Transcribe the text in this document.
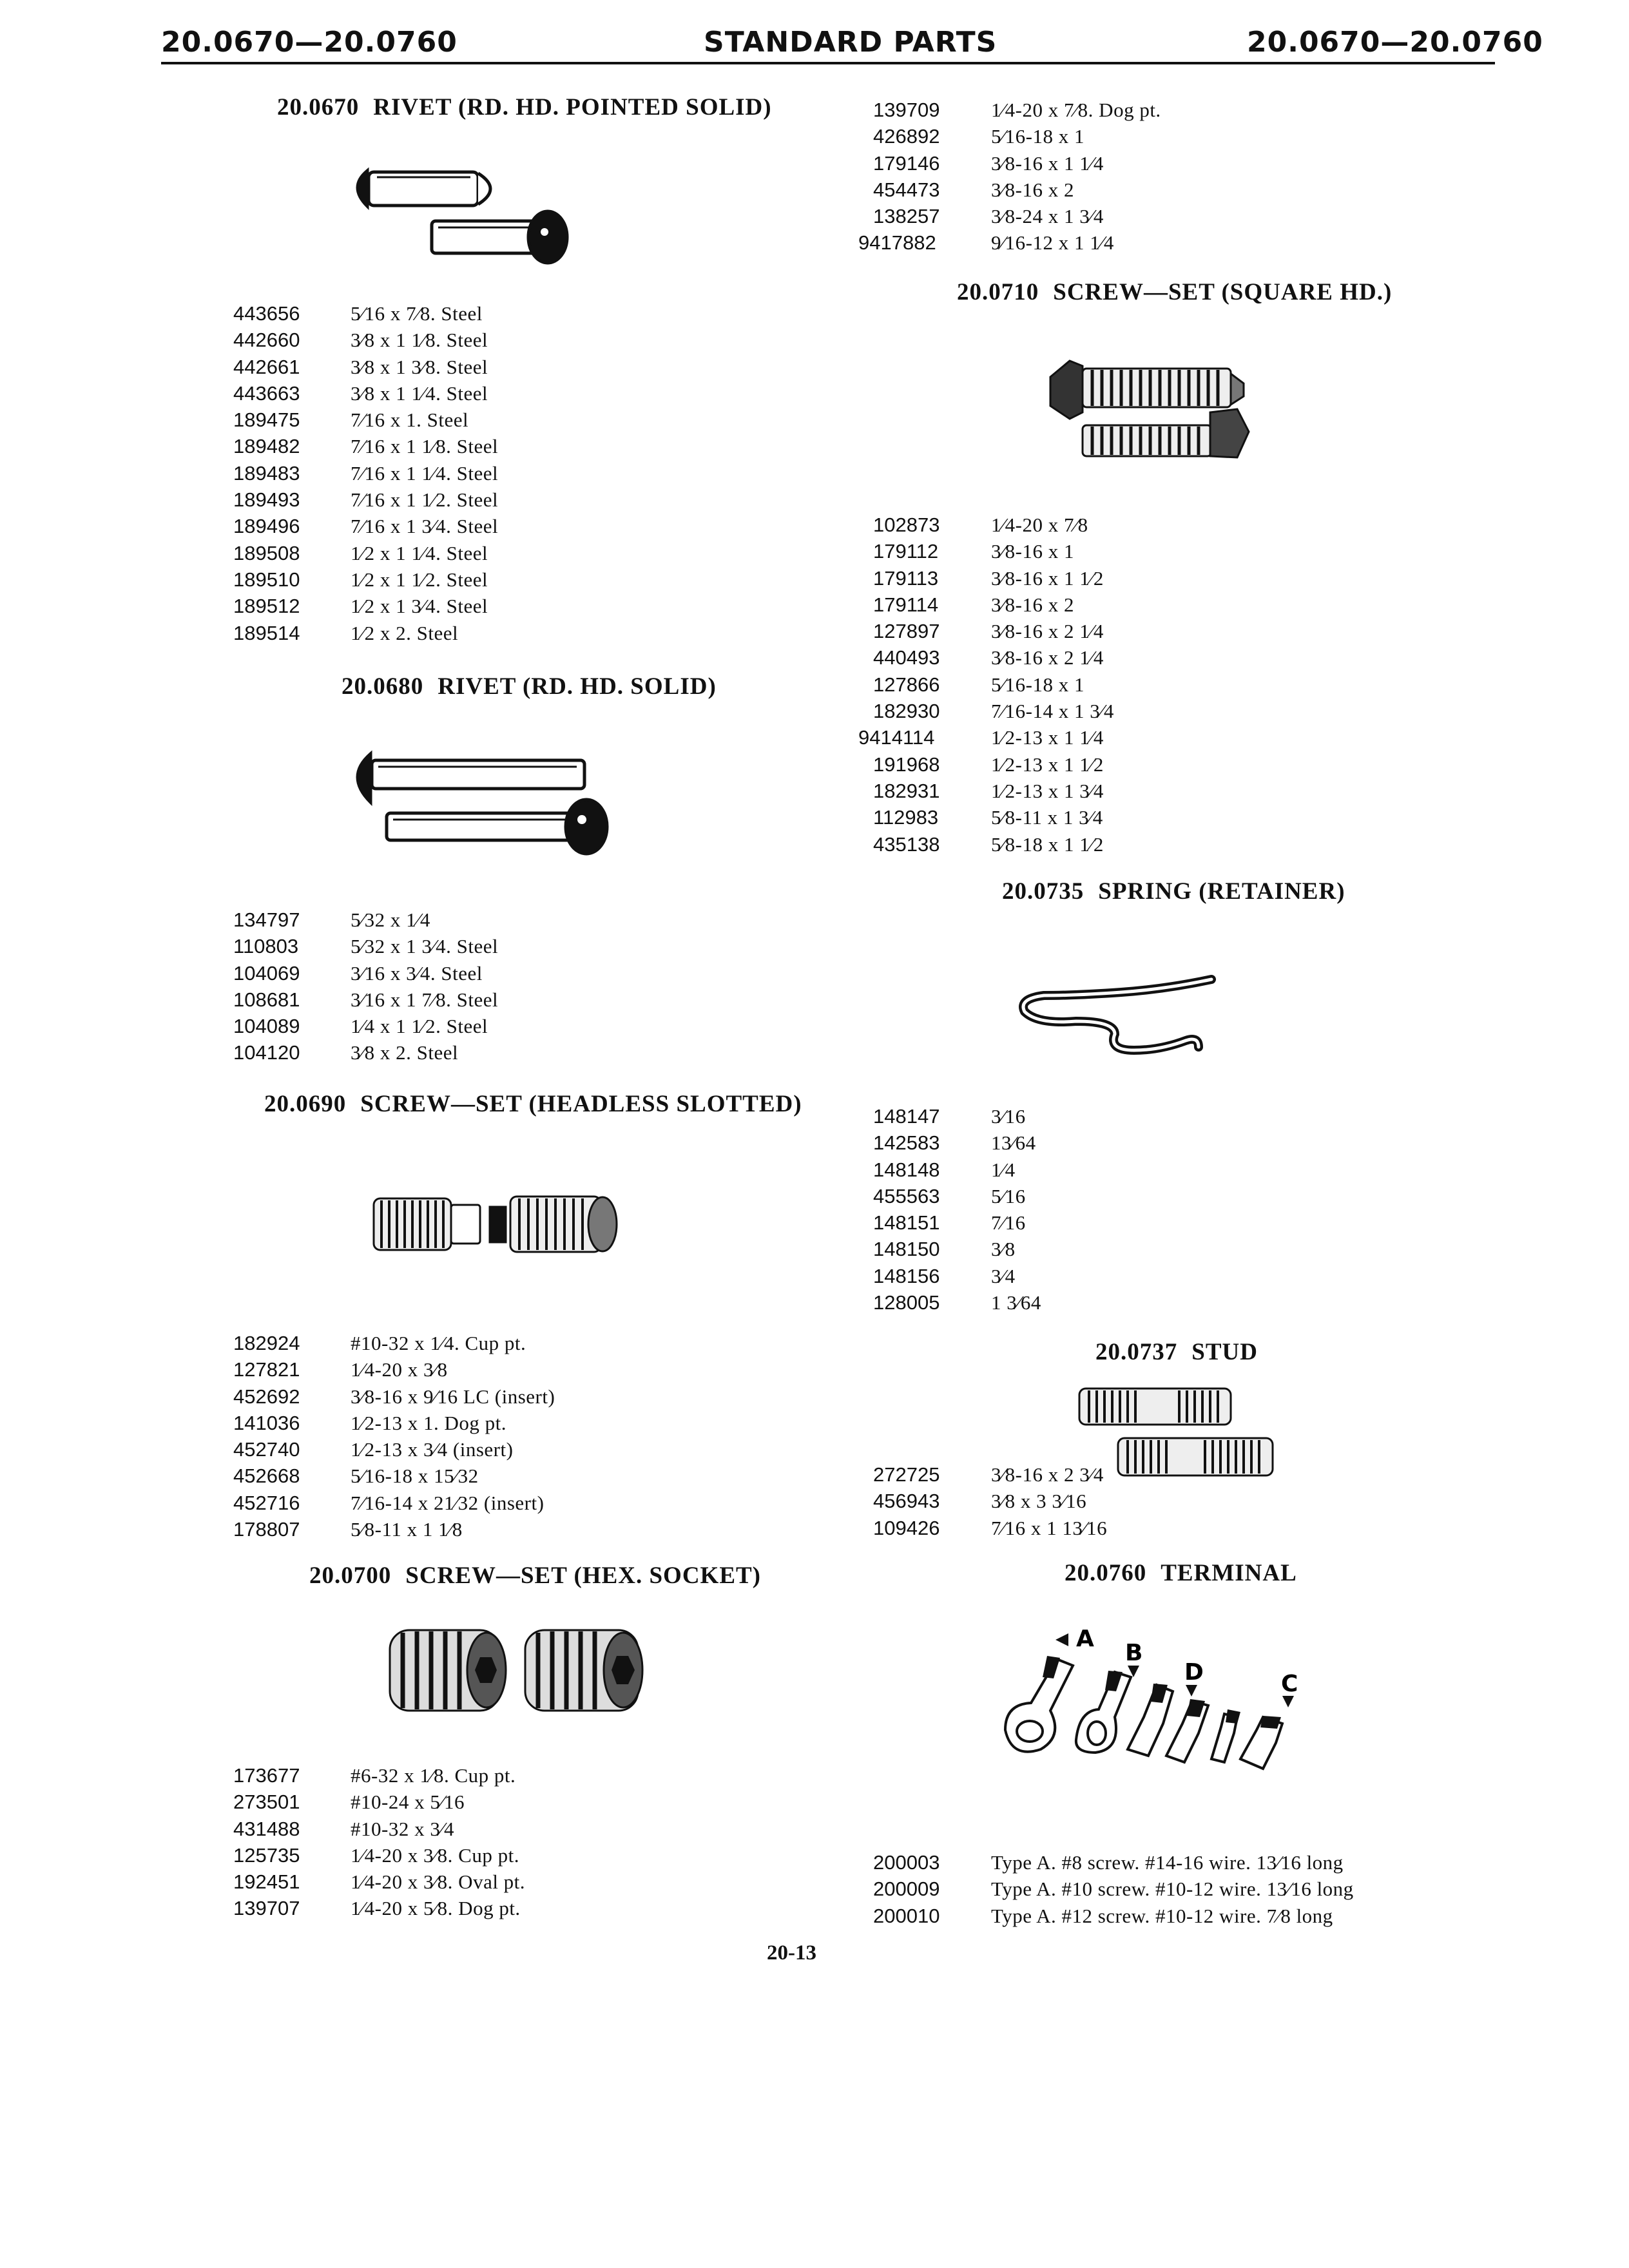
20.0670—20.0760	STANDARD PARTS	20.0670—20.0760
20.0670 RIVET (RD. HD. POINTED SOLID)
443656	5⁄16 x 7⁄8. Steel
442660	3⁄8 x 1 1⁄8. Steel
442661	3⁄8 x 1 3⁄8. Steel
443663	3⁄8 x 1 1⁄4. Steel
189475	7⁄16 x 1. Steel
189482	7⁄16 x 1 1⁄8. Steel
189483	7⁄16 x 1 1⁄4. Steel
189493	7⁄16 x 1 1⁄2. Steel
189496	7⁄16 x 1 3⁄4. Steel
189508	1⁄2 x 1 1⁄4. Steel
189510	1⁄2 x 1 1⁄2. Steel
189512	1⁄2 x 1 3⁄4. Steel
189514	1⁄2 x 2. Steel
20.0680 RIVET (RD. HD. SOLID)
134797	5⁄32 x 1⁄4
110803	5⁄32 x 1 3⁄4. Steel
104069	3⁄16 x 3⁄4. Steel
108681	3⁄16 x 1 7⁄8. Steel
104089	1⁄4 x 1 1⁄2. Steel
104120	3⁄8 x 2. Steel
20.0690 SCREW—SET (HEADLESS SLOTTED)
182924	#10-32 x 1⁄4. Cup pt.
127821	1⁄4-20 x 3⁄8
452692	3⁄8-16 x 9⁄16 LC (insert)
141036	1⁄2-13 x 1. Dog pt.
452740	1⁄2-13 x 3⁄4 (insert)
452668	5⁄16-18 x 15⁄32
452716	7⁄16-14 x 21⁄32 (insert)
178807	5⁄8-11 x 1 1⁄8
20.0700 SCREW—SET (HEX. SOCKET)
173677	#6-32 x 1⁄8. Cup pt.
273501	#10-24 x 5⁄16
431488	#10-32 x 3⁄4
125735	1⁄4-20 x 3⁄8. Cup pt.
192451	1⁄4-20 x 3⁄8. Oval pt.
139707	1⁄4-20 x 5⁄8. Dog pt.
139709	1⁄4-20 x 7⁄8. Dog pt.
426892	5⁄16-18 x 1
179146	3⁄8-16 x 1 1⁄4
454473	3⁄8-16 x 2
138257	3⁄8-24 x 1 3⁄4
9417882	9⁄16-12 x 1 1⁄4
20.0710 SCREW—SET (SQUARE HD.)
102873	1⁄4-20 x 7⁄8
179112	3⁄8-16 x 1
179113	3⁄8-16 x 1 1⁄2
179114	3⁄8-16 x 2
127897	3⁄8-16 x 2 1⁄4
440493	3⁄8-16 x 2 1⁄4
127866	5⁄16-18 x 1
182930	7⁄16-14 x 1 3⁄4
9414114	1⁄2-13 x 1 1⁄4
191968	1⁄2-13 x 1 1⁄2
182931	1⁄2-13 x 1 3⁄4
112983	5⁄8-11 x 1 3⁄4
435138	5⁄8-18 x 1 1⁄2
20.0735 SPRING (RETAINER)
148147	3⁄16
142583	13⁄64
148148	1⁄4
455563	5⁄16
148151	7⁄16
148150	3⁄8
148156	3⁄4
128005	1 3⁄64
20.0737 STUD
272725	3⁄8-16 x 2 3⁄4
456943	3⁄8 x 3 3⁄16
109426	7⁄16 x 1 13⁄16
20.0760 TERMINAL
A
B
D	C
200003	Type A. #8 screw. #14-16 wire. 13⁄16 long
200009	Type A. #10 screw. #10-12 wire. 13⁄16 long
200010	Type A. #12 screw. #10-12 wire. 7⁄8 long
20-13
